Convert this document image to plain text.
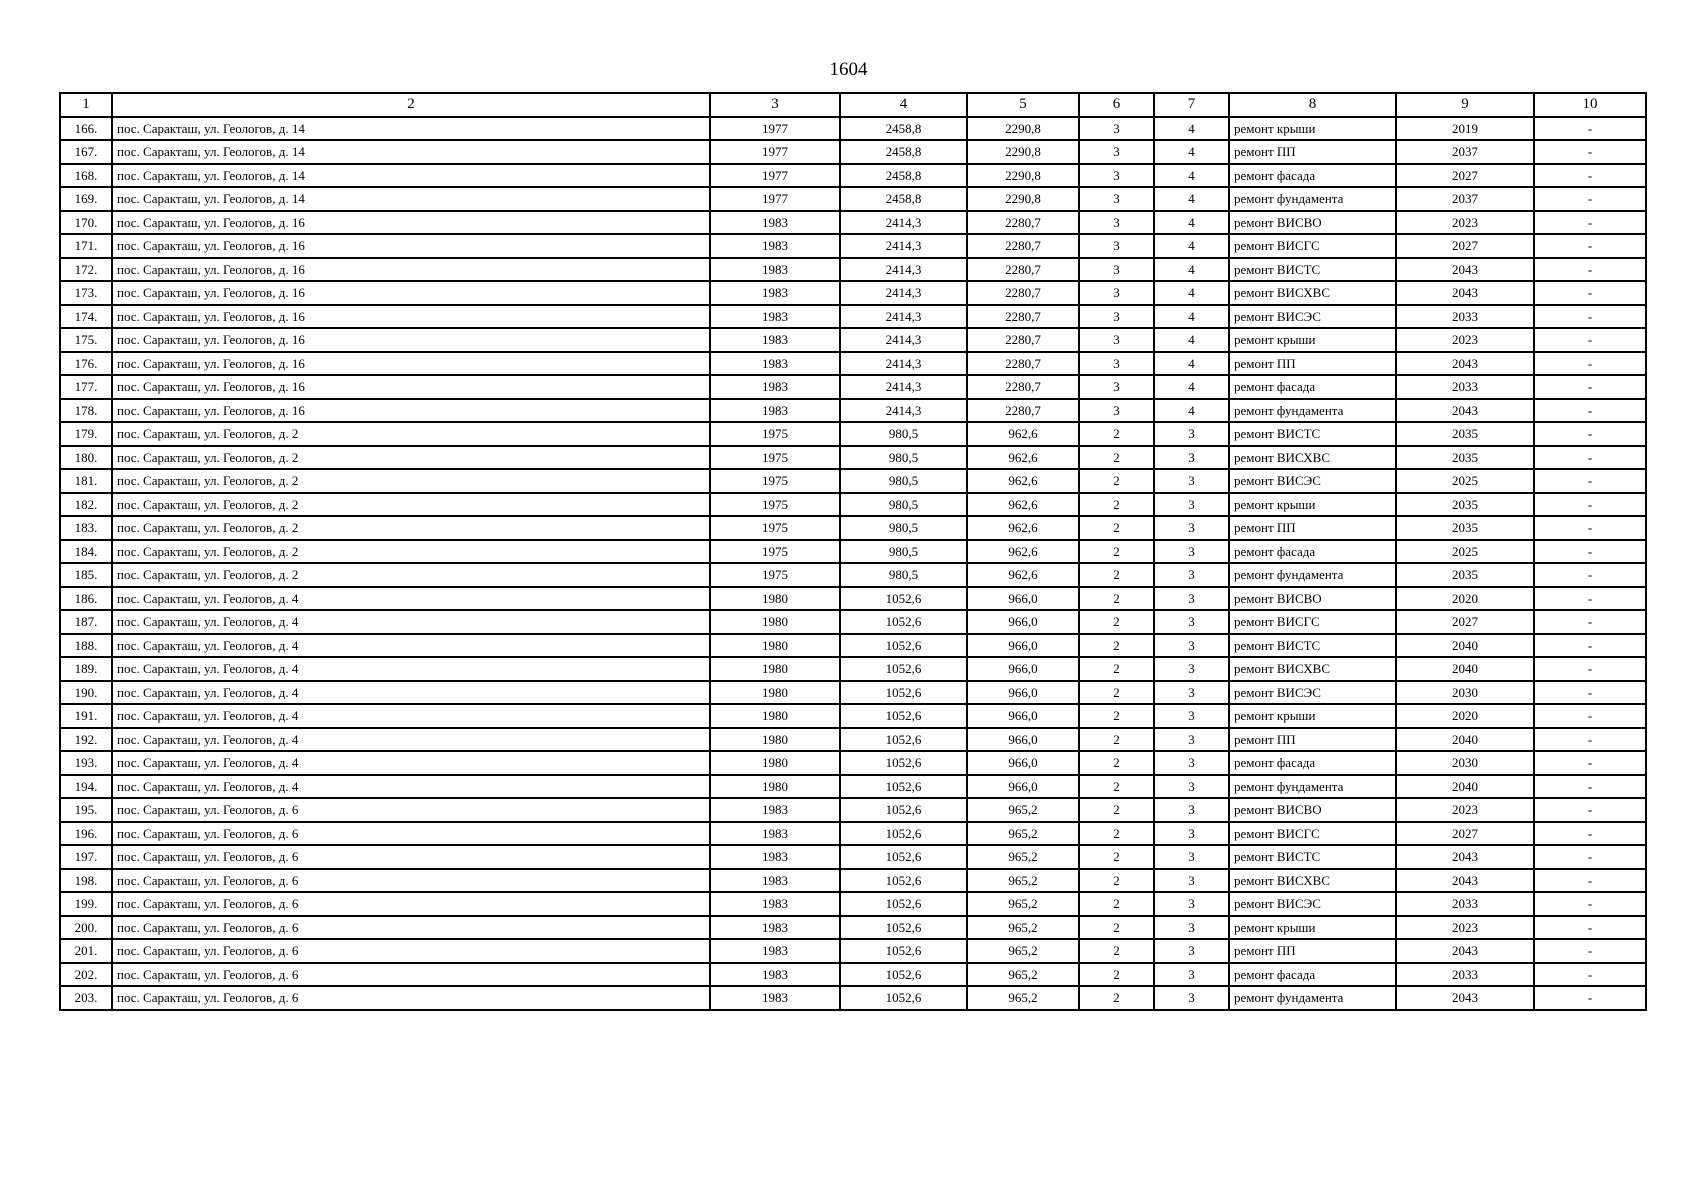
1604
1	2	3	4	5	6	7	8	9	10
166.	пос. Саракташ, ул. Геологов, д. 14	1977	2458,8	2290,8	3	4	ремонт крыши	2019	-
167.	пос. Саракташ, ул. Геологов, д. 14	1977	2458,8	2290,8	3	4	ремонт ПП	2037	-
168.	пос. Саракташ, ул. Геологов, д. 14	1977	2458,8	2290,8	3	4	ремонт фасада	2027	-
169.	пос. Саракташ, ул. Геологов, д. 14	1977	2458,8	2290,8	3	4	ремонт фундамента	2037	-
170.	пос. Саракташ, ул. Геологов, д. 16	1983	2414,3	2280,7	3	4	ремонт ВИСВО	2023	-
171.	пос. Саракташ, ул. Геологов, д. 16	1983	2414,3	2280,7	3	4	ремонт ВИСГС	2027	-
172.	пос. Саракташ, ул. Геологов, д. 16	1983	2414,3	2280,7	3	4	ремонт ВИСТС	2043	-
173.	пос. Саракташ, ул. Геологов, д. 16	1983	2414,3	2280,7	3	4	ремонт ВИСХВС	2043	-
174.	пос. Саракташ, ул. Геологов, д. 16	1983	2414,3	2280,7	3	4	ремонт ВИСЭС	2033	-
175.	пос. Саракташ, ул. Геологов, д. 16	1983	2414,3	2280,7	3	4	ремонт крыши	2023	-
176.	пос. Саракташ, ул. Геологов, д. 16	1983	2414,3	2280,7	3	4	ремонт ПП	2043	-
177.	пос. Саракташ, ул. Геологов, д. 16	1983	2414,3	2280,7	3	4	ремонт фасада	2033	-
178.	пос. Саракташ, ул. Геологов, д. 16	1983	2414,3	2280,7	3	4	ремонт фундамента	2043	-
179.	пос. Саракташ, ул. Геологов, д. 2	1975	980,5	962,6	2	3	ремонт ВИСТС	2035	-
180.	пос. Саракташ, ул. Геологов, д. 2	1975	980,5	962,6	2	3	ремонт ВИСХВС	2035	-
181.	пос. Саракташ, ул. Геологов, д. 2	1975	980,5	962,6	2	3	ремонт ВИСЭС	2025	-
182.	пос. Саракташ, ул. Геологов, д. 2	1975	980,5	962,6	2	3	ремонт крыши	2035	-
183.	пос. Саракташ, ул. Геологов, д. 2	1975	980,5	962,6	2	3	ремонт ПП	2035	-
184.	пос. Саракташ, ул. Геологов, д. 2	1975	980,5	962,6	2	3	ремонт фасада	2025	-
185.	пос. Саракташ, ул. Геологов, д. 2	1975	980,5	962,6	2	3	ремонт фундамента	2035	-
186.	пос. Саракташ, ул. Геологов, д. 4	1980	1052,6	966,0	2	3	ремонт ВИСВО	2020	-
187.	пос. Саракташ, ул. Геологов, д. 4	1980	1052,6	966,0	2	3	ремонт ВИСГС	2027	-
188.	пос. Саракташ, ул. Геологов, д. 4	1980	1052,6	966,0	2	3	ремонт ВИСТС	2040	-
189.	пос. Саракташ, ул. Геологов, д. 4	1980	1052,6	966,0	2	3	ремонт ВИСХВС	2040	-
190.	пос. Саракташ, ул. Геологов, д. 4	1980	1052,6	966,0	2	3	ремонт ВИСЭС	2030	-
191.	пос. Саракташ, ул. Геологов, д. 4	1980	1052,6	966,0	2	3	ремонт крыши	2020	-
192.	пос. Саракташ, ул. Геологов, д. 4	1980	1052,6	966,0	2	3	ремонт ПП	2040	-
193.	пос. Саракташ, ул. Геологов, д. 4	1980	1052,6	966,0	2	3	ремонт фасада	2030	-
194.	пос. Саракташ, ул. Геологов, д. 4	1980	1052,6	966,0	2	3	ремонт фундамента	2040	-
195.	пос. Саракташ, ул. Геологов, д. 6	1983	1052,6	965,2	2	3	ремонт ВИСВО	2023	-
196.	пос. Саракташ, ул. Геологов, д. 6	1983	1052,6	965,2	2	3	ремонт ВИСГС	2027	-
197.	пос. Саракташ, ул. Геологов, д. 6	1983	1052,6	965,2	2	3	ремонт ВИСТС	2043	-
198.	пос. Саракташ, ул. Геологов, д. 6	1983	1052,6	965,2	2	3	ремонт ВИСХВС	2043	-
199.	пос. Саракташ, ул. Геологов, д. 6	1983	1052,6	965,2	2	3	ремонт ВИСЭС	2033	-
200.	пос. Саракташ, ул. Геологов, д. 6	1983	1052,6	965,2	2	3	ремонт крыши	2023	-
201.	пос. Саракташ, ул. Геологов, д. 6	1983	1052,6	965,2	2	3	ремонт ПП	2043	-
202.	пос. Саракташ, ул. Геологов, д. 6	1983	1052,6	965,2	2	3	ремонт фасада	2033	-
203.	пос. Саракташ, ул. Геологов, д. 6	1983	1052,6	965,2	2	3	ремонт фундамента	2043	-
